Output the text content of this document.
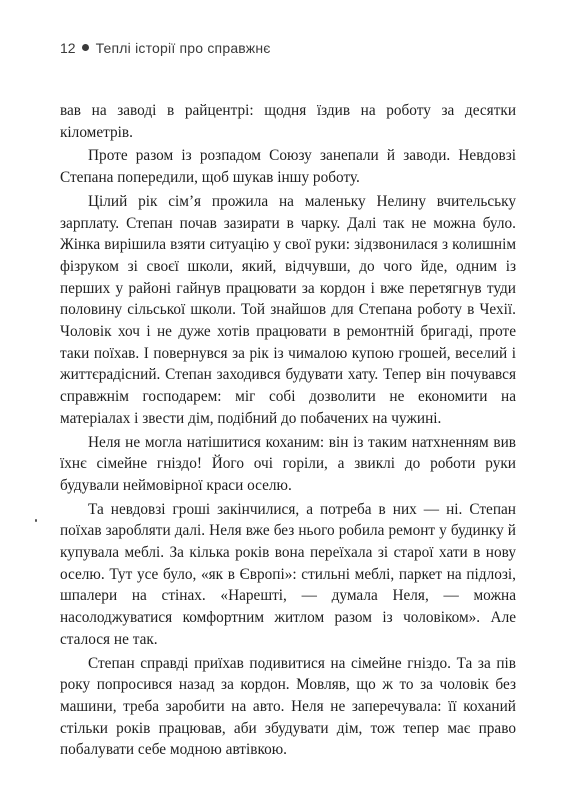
12 Теплі історії про справжнє

вав на заводі в райцентрі: щодня їздив на роботу за десятки кілометрів.

Проте разом із розпадом Союзу занепали й заводи. Невдовзі Степана попередили, щоб шукав іншу роботу.

Цілий рік сім’я прожила на маленьку Нелину вчительську зарплату. Степан почав зазирати в чарку. Далі так не можна було. Жінка вирішила взяти ситуацію у свої руки: зідзвонилася з колишнім фізруком зі своєї школи, який, відчувши, до чого йде, одним із перших у районі гайнув працювати за кордон і вже перетягнув туди половину сільської школи. Той знайшов для Степана роботу в Чехії. Чоловік хоч і не дуже хотів працювати в ремонтній бригаді, проте таки поїхав. І повернувся за рік із чималою купою грошей, веселий і життєрадісний. Степан заходився будувати хату. Тепер він почувався справжнім господарем: міг собі дозволити не економити на матеріалах і звести дім, подібний до побачених на чужині.

Неля не могла натішитися коханим: він із таким натхненням вив їхнє сімейне гніздо! Його очі горіли, а звиклі до роботи руки будували неймовірної краси оселю.

Та невдовзі гроші закінчилися, а потреба в них — ні. Степан поїхав заробляти далі. Неля вже без нього робила ремонт у будинку й купувала меблі. За кілька років вона переїхала зі старої хати в нову оселю. Тут усе було, «як в Європі»: стильні меблі, паркет на підлозі, шпалери на стінах. «Нарешті, — думала Неля, — можна насолоджуватися комфортним житлом разом із чоловіком». Але сталося не так.

Степан справді приїхав подивитися на сімейне гніздо. Та за пів року попросився назад за кордон. Мовляв, що ж то за чоловік без машини, треба заробити на авто. Неля не заперечувала: її коханий стільки років працював, аби збудувати дім, тож тепер має право побалувати себе модною автівкою.
